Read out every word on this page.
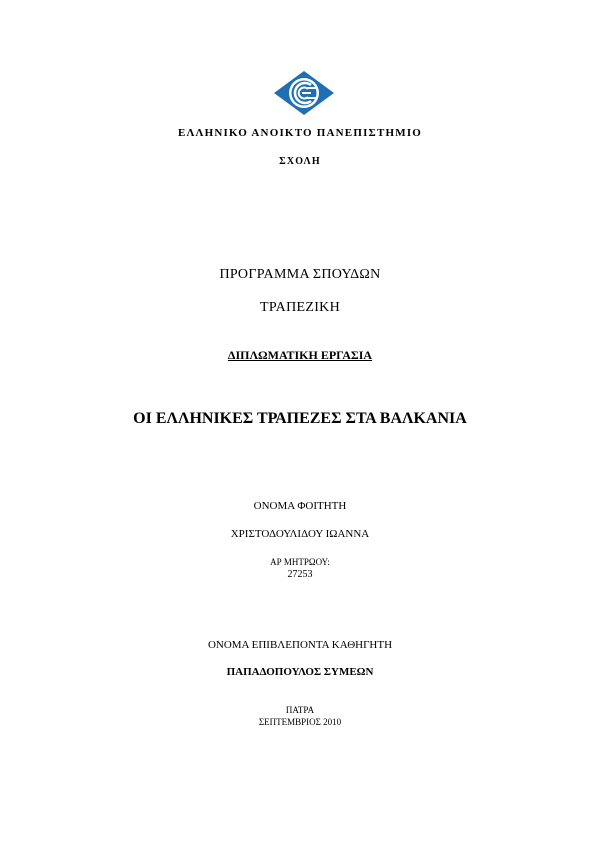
ΕΛΛΗΝΙΚΟ ΑΝΟΙΚΤΟ ΠΑΝΕΠΙΣΤΗΜΙΟ
ΣΧΟΛΗ
ΠΡΟΓΡΑΜΜΑ ΣΠΟΥΔΩΝ
ΤΡΑΠΕΖΙΚΗ
ΔΙΠΛΩΜΑΤΙΚΗ ΕΡΓΑΣΙΑ
ΟΙ ΕΛΛΗΝΙΚΕΣ ΤΡΑΠΕΖΕΣ ΣΤΑ ΒΑΛΚΑΝΙΑ
ΟΝΟΜΑ ΦΟΙΤΗΤΗ
ΧΡΙΣΤΟΔΟΥΛΙΔΟΥ ΙΩΑΝΝΑ
ΑΡ ΜΗΤΡΩΟΥ:
27253
ΟΝΟΜΑ ΕΠΙΒΛΕΠΟΝΤΑ ΚΑΘΗΓΗΤΗ
ΠΑΠΑΔΟΠΟΥΛΟΣ ΣΥΜΕΩΝ
ΠΑΤΡΑ
ΣΕΠΤΕΜΒΡΙΟΣ 2010
